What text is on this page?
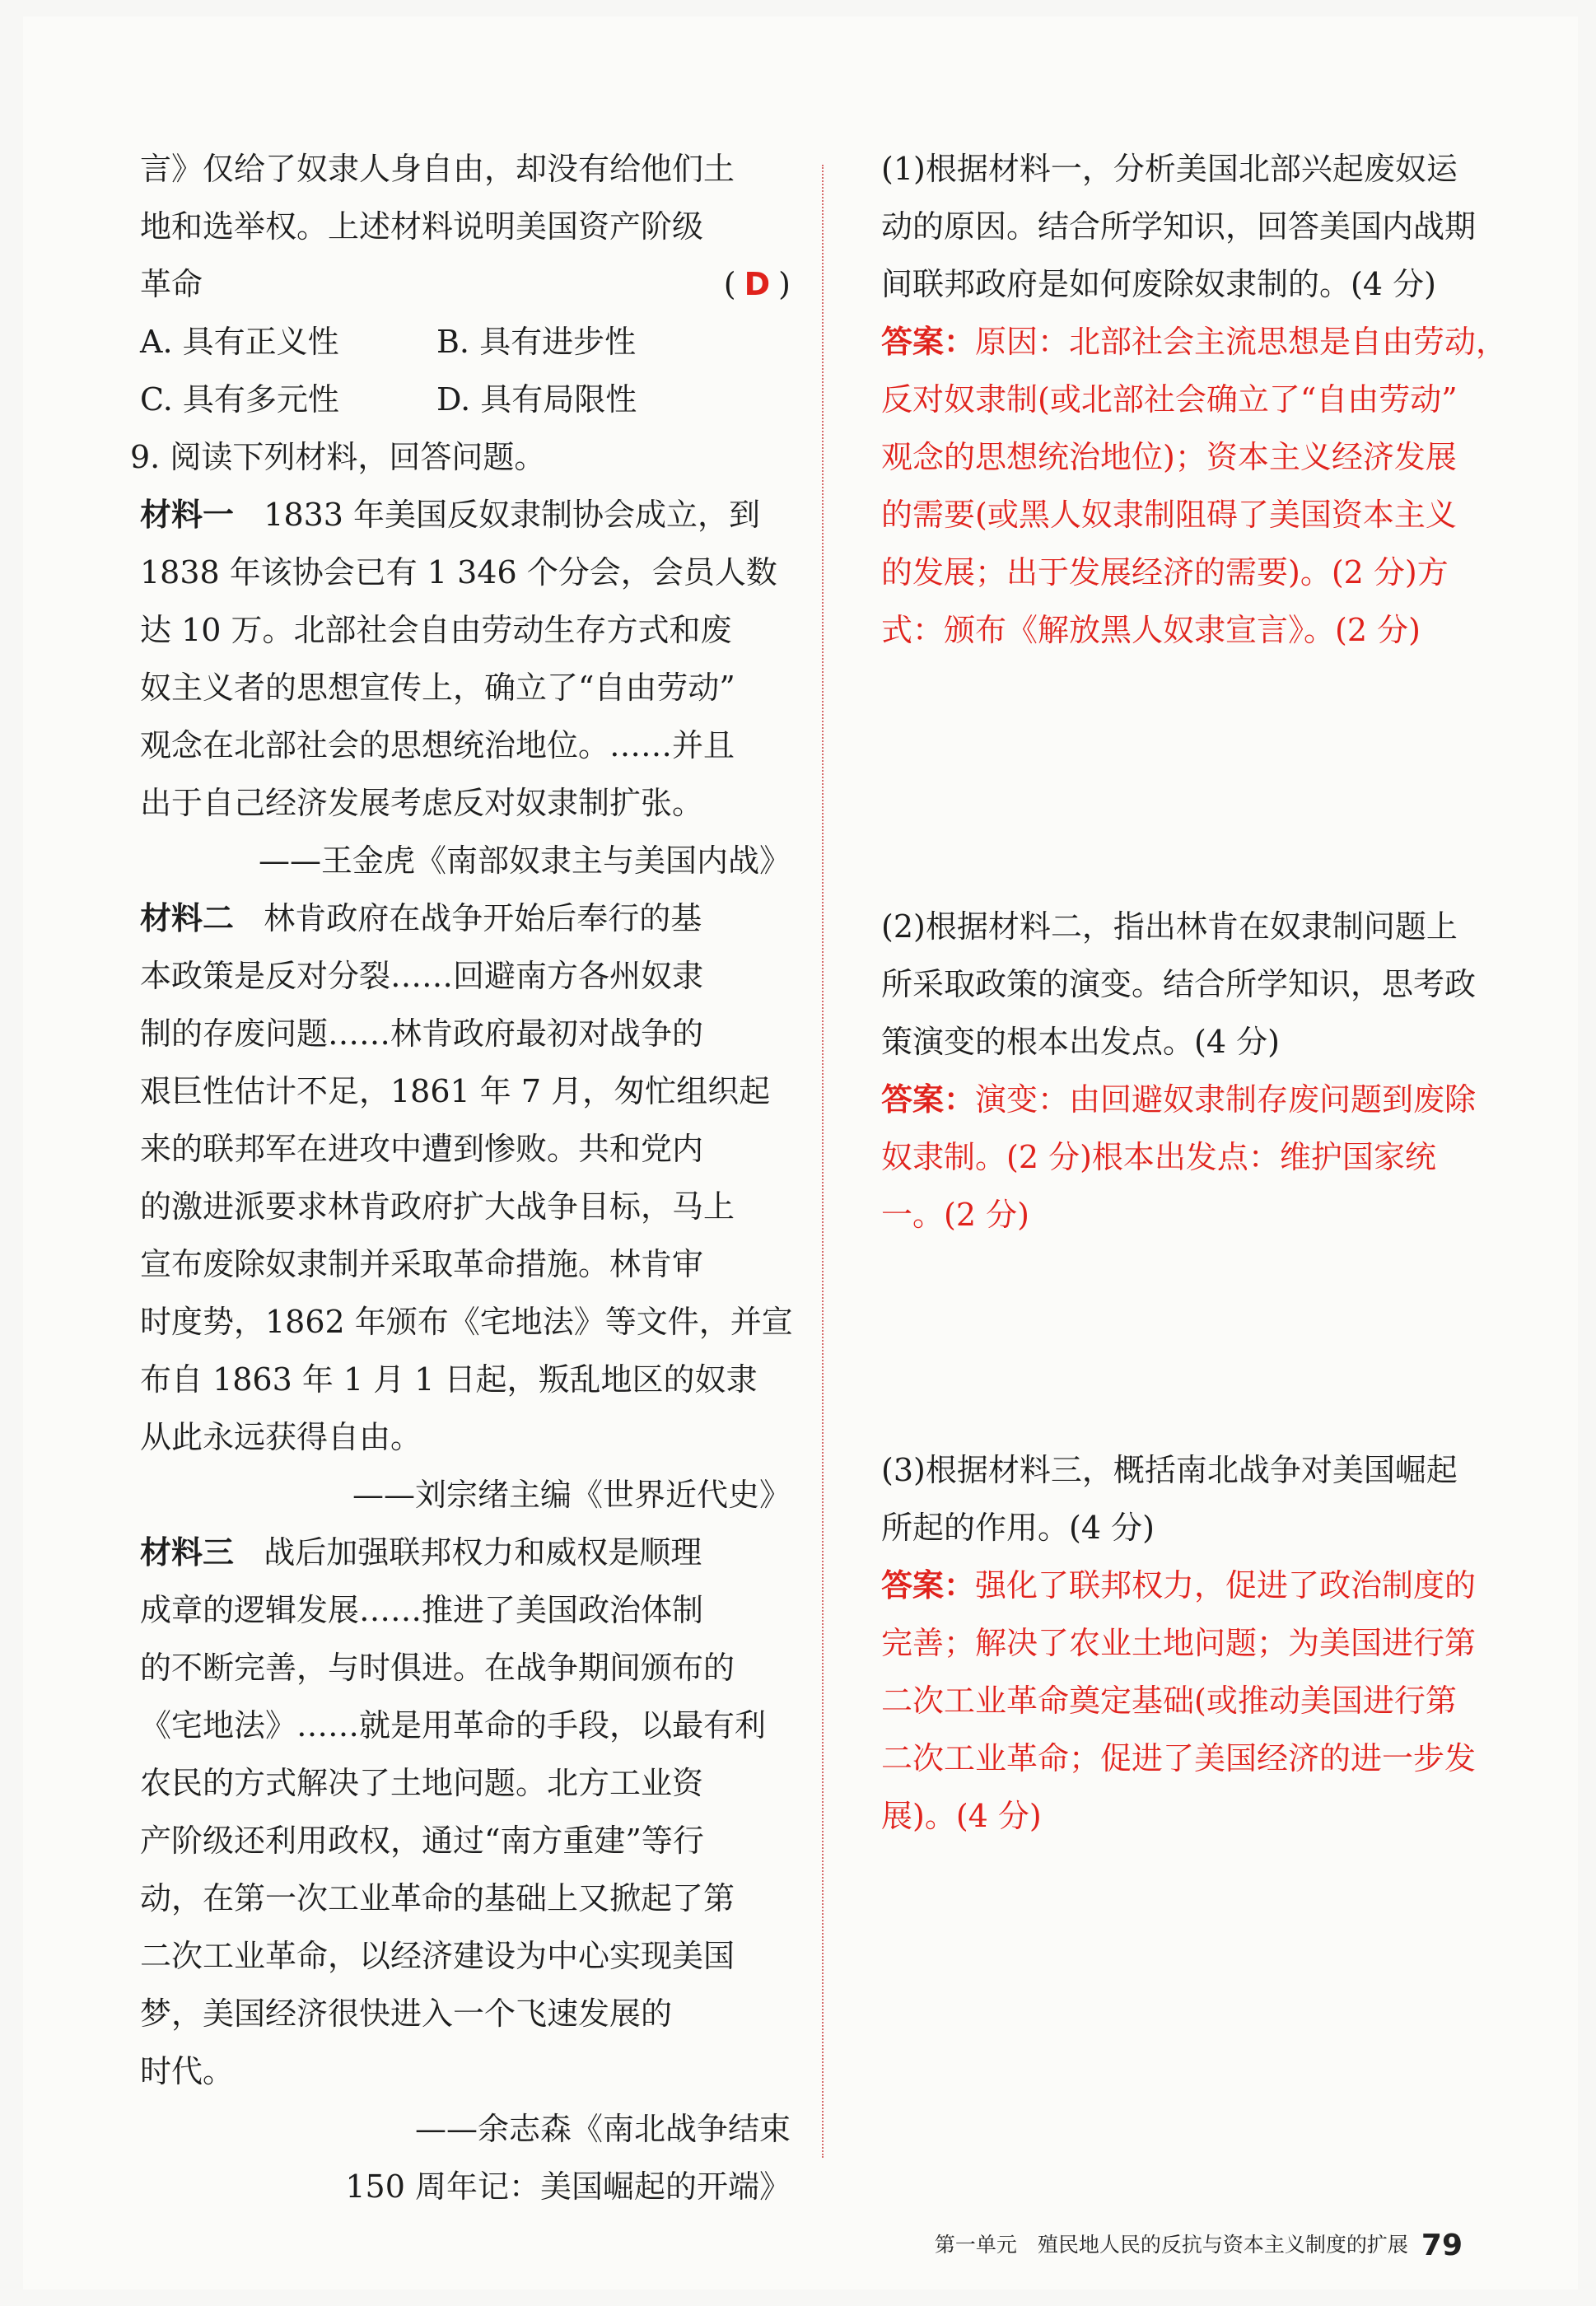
言》仅给了奴隶人身自由，却没有给他们土
地和选举权。上述材料说明美国资产阶级
革命	( D )
A. 具有正义性	B. 具有进步性
C. 具有多元性	D. 具有局限性
9. 阅读下列材料，回答问题。
材料一 1833 年美国反奴隶制协会成立，到
1838 年该协会已有 1 346 个分会，会员人数
达 10 万。北部社会自由劳动生存方式和废
奴主义者的思想宣传上，确立了“自由劳动”
观念在北部社会的思想统治地位。……并且
出于自己经济发展考虑反对奴隶制扩张。
——王金虎《南部奴隶主与美国内战》
材料二 林肯政府在战争开始后奉行的基
本政策是反对分裂……回避南方各州奴隶
制的存废问题……林肯政府最初对战争的
艰巨性估计不足，1861 年 7 月，匆忙组织起
来的联邦军在进攻中遭到惨败。共和党内
的激进派要求林肯政府扩大战争目标，马上
宣布废除奴隶制并采取革命措施。林肯审
时度势，1862 年颁布《宅地法》等文件，并宣
布自 1863 年 1 月 1 日起，叛乱地区的奴隶
从此永远获得自由。
——刘宗绪主编《世界近代史》
材料三 战后加强联邦权力和威权是顺理
成章的逻辑发展……推进了美国政治体制
的不断完善，与时俱进。在战争期间颁布的
《宅地法》……就是用革命的手段，以最有利
农民的方式解决了土地问题。北方工业资
产阶级还利用政权，通过“南方重建”等行
动，在第一次工业革命的基础上又掀起了第
二次工业革命，以经济建设为中心实现美国
梦，美国经济很快进入一个飞速发展的
时代。
——余志森《南北战争结束
150 周年记：美国崛起的开端》
(1)根据材料一，分析美国北部兴起废奴运
动的原因。结合所学知识，回答美国内战期
间联邦政府是如何废除奴隶制的。(4 分)
答案：原因：北部社会主流思想是自由劳动，
反对奴隶制(或北部社会确立了“自由劳动”
观念的思想统治地位)；资本主义经济发展
的需要(或黑人奴隶制阻碍了美国资本主义
的发展；出于发展经济的需要)。(2 分)方
式：颁布《解放黑人奴隶宣言》。(2 分)
(2)根据材料二，指出林肯在奴隶制问题上
所采取政策的演变。结合所学知识，思考政
策演变的根本出发点。(4 分)
答案：演变：由回避奴隶制存废问题到废除
奴隶制。(2 分)根本出发点：维护国家统
一。(2 分)
(3)根据材料三，概括南北战争对美国崛起
所起的作用。(4 分)
答案：强化了联邦权力，促进了政治制度的
完善；解决了农业土地问题；为美国进行第
二次工业革命奠定基础(或推动美国进行第
二次工业革命；促进了美国经济的进一步发
展)。(4 分)
第一单元　殖民地人民的反抗与资本主义制度的扩展 79
